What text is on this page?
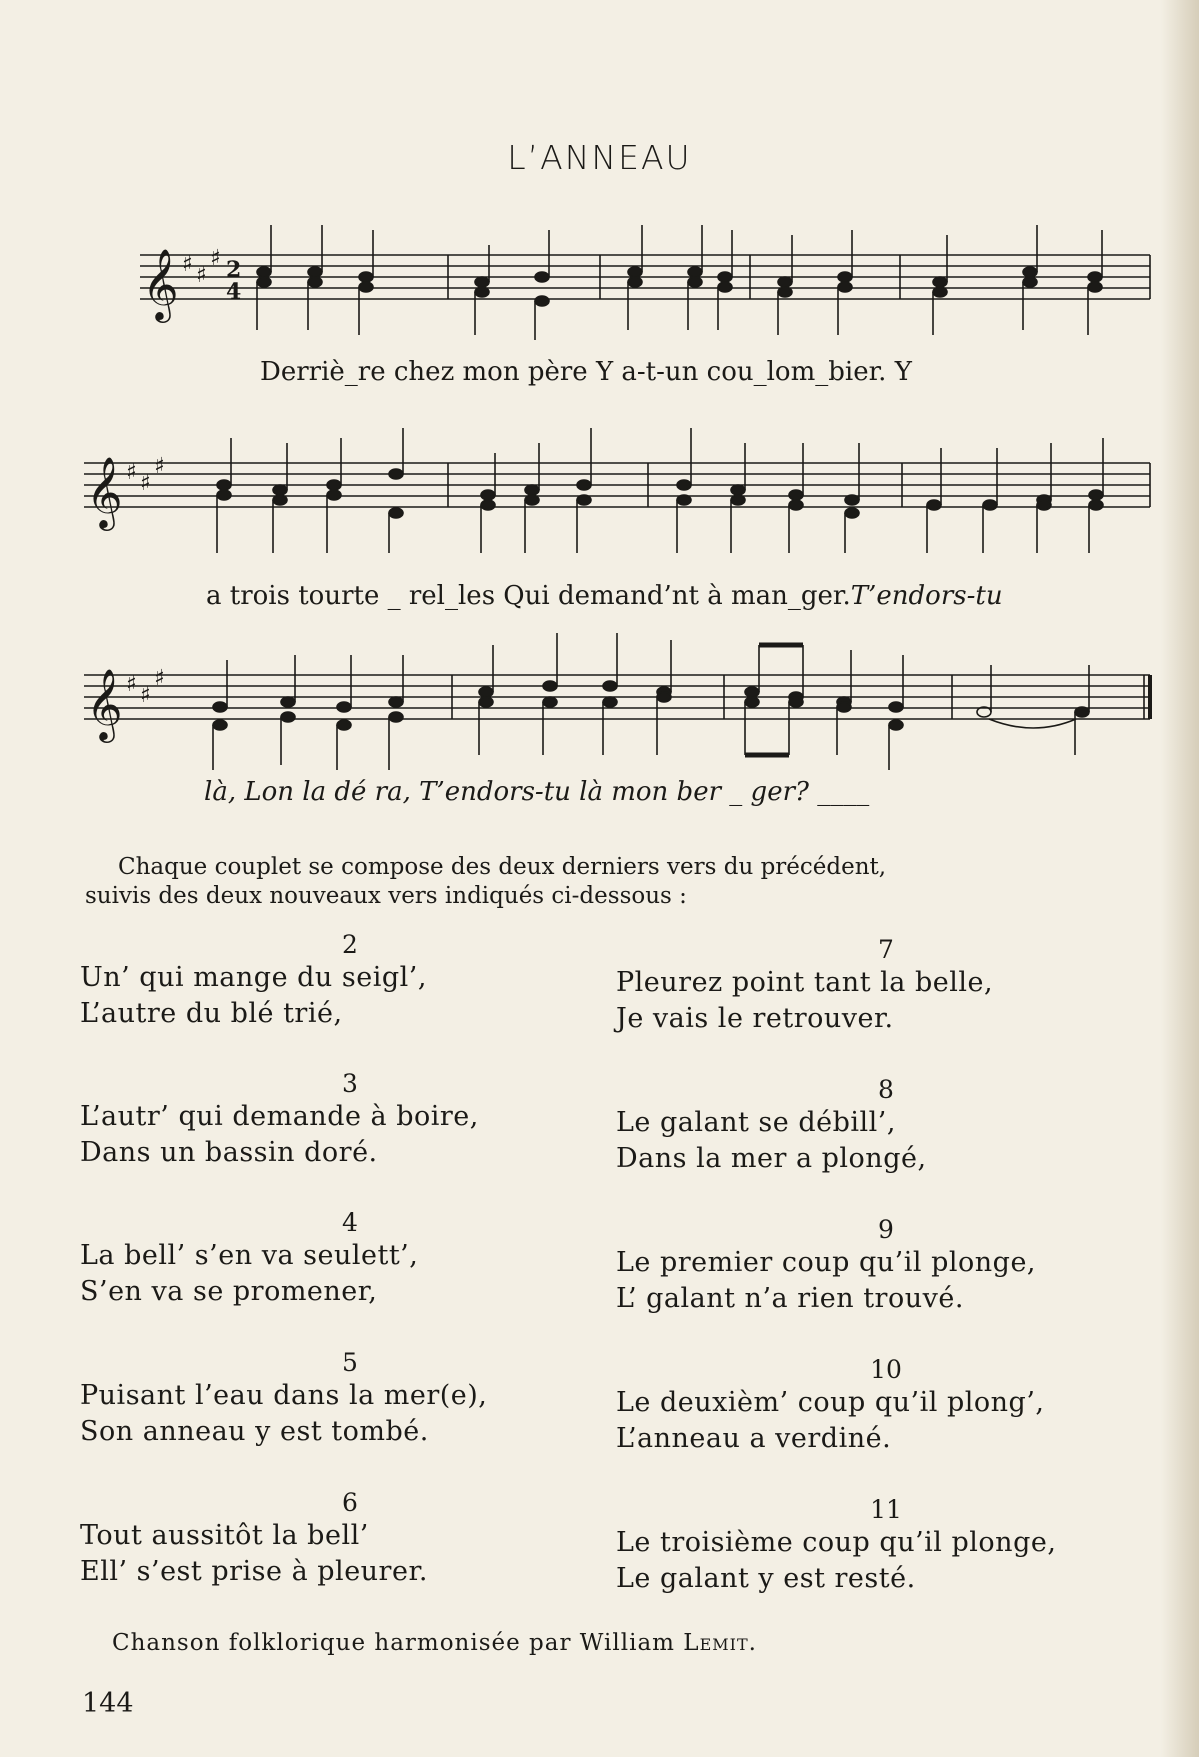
L’ANNEAU
𝄞 ♯ ♯
♯ 2
4
Derriè_re chez mon père Y a-t-un cou_lom_bier. Y
𝄞 ♯ ♯
♯
a trois tourte _ rel_les Qui demand’nt à man_ger.T’endors-tu
𝄞 ♯ ♯
♯
là, Lon la dé ra, T’endors-tu là mon ber _ ger? ____
Chaque couplet se compose des deux derniers vers du précédent,
suivis des deux nouveaux vers indiqués ci-dessous :
2
Un’ qui mange du seigl’,
L’autre du blé trié,
3
L’autr’ qui demande à boire,
Dans un bassin doré.
4
La bell’ s’en va seulett’,
S’en va se promener,
5
Puisant l’eau dans la mer(e),
Son anneau y est tombé.
6
Tout aussitôt la bell’
Ell’ s’est prise à pleurer.
7
Pleurez point tant la belle,
Je vais le retrouver.
8
Le galant se débill’,
Dans la mer a plongé,
9
Le premier coup qu’il plonge,
L’ galant n’a rien trouvé.
10
Le deuxièm’ coup qu’il plong’,
L’anneau a verdiné.
11
Le troisième coup qu’il plonge,
Le galant y est resté.
Chanson folklorique harmonisée par William Lemit.
144
